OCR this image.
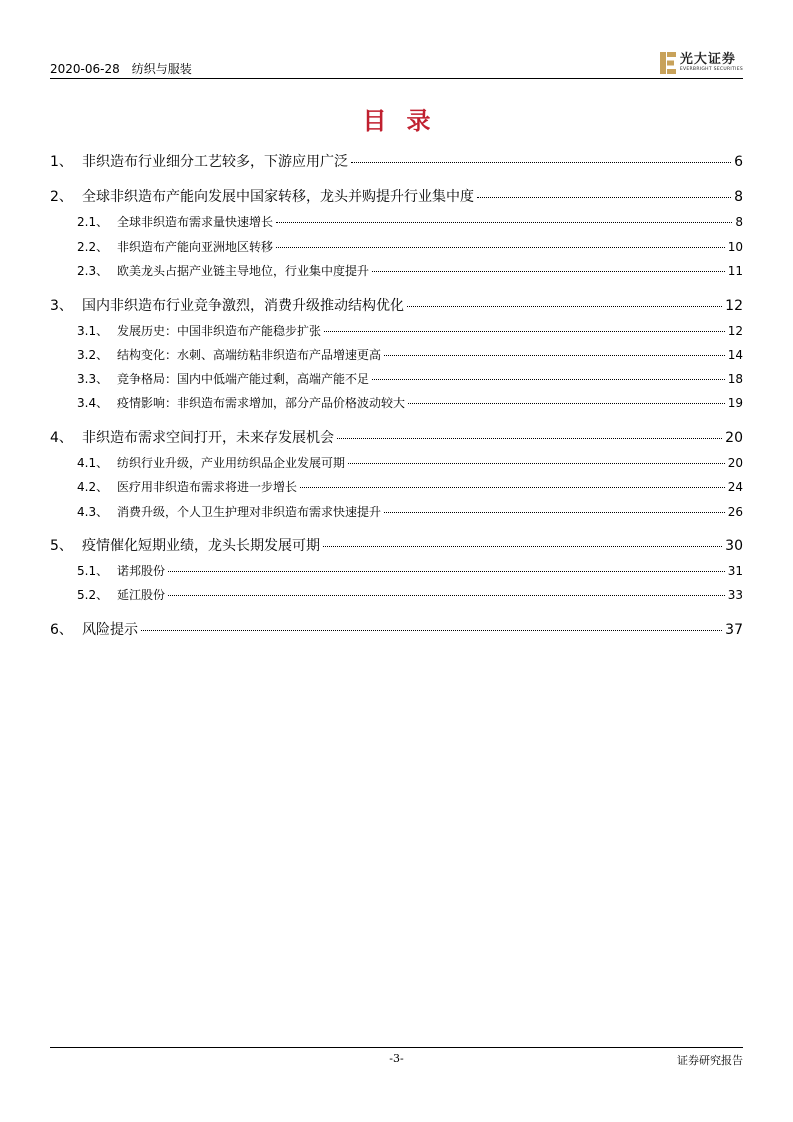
2020-06-28 纺织与服装
光大证券
EVERBRIGHT SECURITIES
目录
1、 非织造布行业细分工艺较多，下游应用广泛	6
2、 全球非织造布产能向发展中国家转移，龙头并购提升行业集中度	8
2.1、 全球非织造布需求量快速增长	8
2.2、 非织造布产能向亚洲地区转移	10
2.3、 欧美龙头占据产业链主导地位，行业集中度提升	11
3、 国内非织造布行业竞争激烈，消费升级推动结构优化	12
3.1、 发展历史：中国非织造布产能稳步扩张	12
3.2、 结构变化：水刺、高端纺粘非织造布产品增速更高	14
3.3、 竞争格局：国内中低端产能过剩，高端产能不足	18
3.4、 疫情影响：非织造布需求增加，部分产品价格波动较大	19
4、 非织造布需求空间打开，未来存发展机会	20
4.1、 纺织行业升级，产业用纺织品企业发展可期	20
4.2、 医疗用非织造布需求将进一步增长	24
4.3、 消费升级，个人卫生护理对非织造布需求快速提升	26
5、 疫情催化短期业绩，龙头长期发展可期	30
5.1、 诺邦股份	31
5.2、 延江股份	33
6、 风险提示	37
-3-	证券研究报告
